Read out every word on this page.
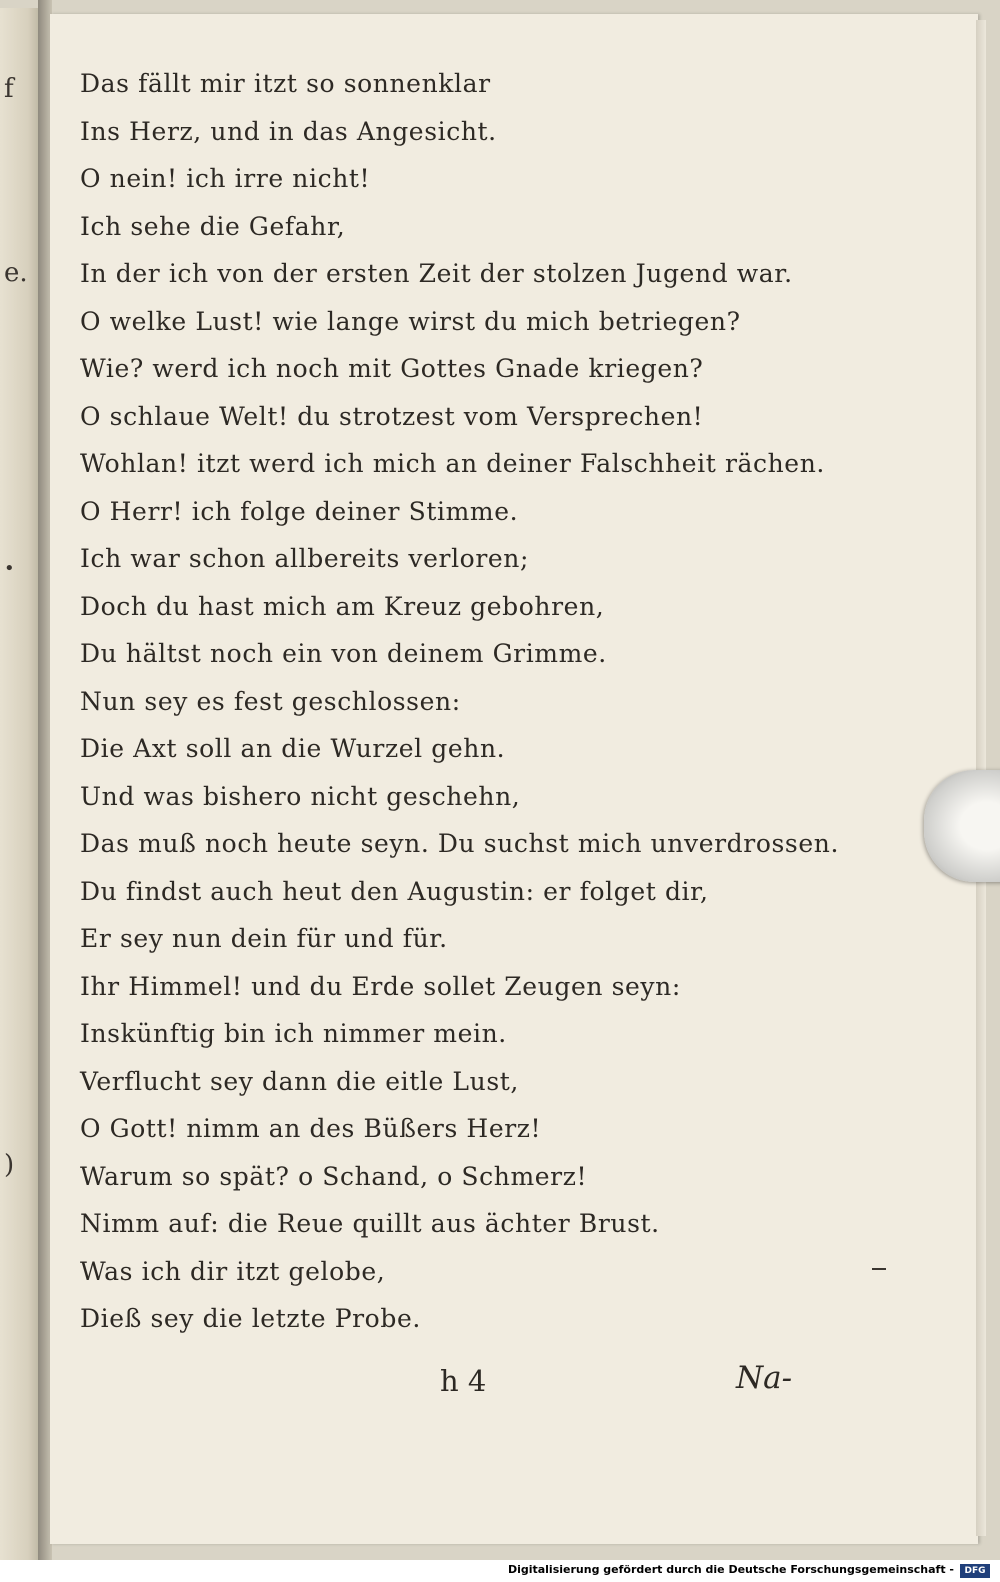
f
e.
•
)
Das fällt mir itzt so sonnenklar
Ins Herz, und in das Angesicht.
O nein! ich irre nicht!
Ich sehe die Gefahr,
In der ich von der ersten Zeit der stolzen Jugend war.
O welke Lust! wie lange wirst du mich betriegen?
Wie? werd ich noch mit Gottes Gnade kriegen?
O schlaue Welt! du strotzest vom Versprechen!
Wohlan! itzt werd ich mich an deiner Falschheit rächen.
O Herr! ich folge deiner Stimme.
Ich war schon allbereits verloren;
Doch du hast mich am Kreuz gebohren,
Du hältst noch ein von deinem Grimme.
Nun sey es fest geschlossen:
Die Axt soll an die Wurzel gehn.
Und was bishero nicht geschehn,
Das muß noch heute seyn. Du suchst mich unverdrossen.
Du findst auch heut den Augustin: er folget dir,
Er sey nun dein für und für.
Ihr Himmel! und du Erde sollet Zeugen seyn:
Inskünftig bin ich nimmer mein.
Verflucht sey dann die eitle Lust,
O Gott! nimm an des Büßers Herz!
Warum so spät? o Schand, o Schmerz!
Nimm auf: die Reue quillt aus ächter Brust.
Was ich dir itzt gelobe,
Dieß sey die letzte Probe.
h 4	Na-
Digitalisierung gefördert durch die Deutsche Forschungsgemeinschaft -	DFG
